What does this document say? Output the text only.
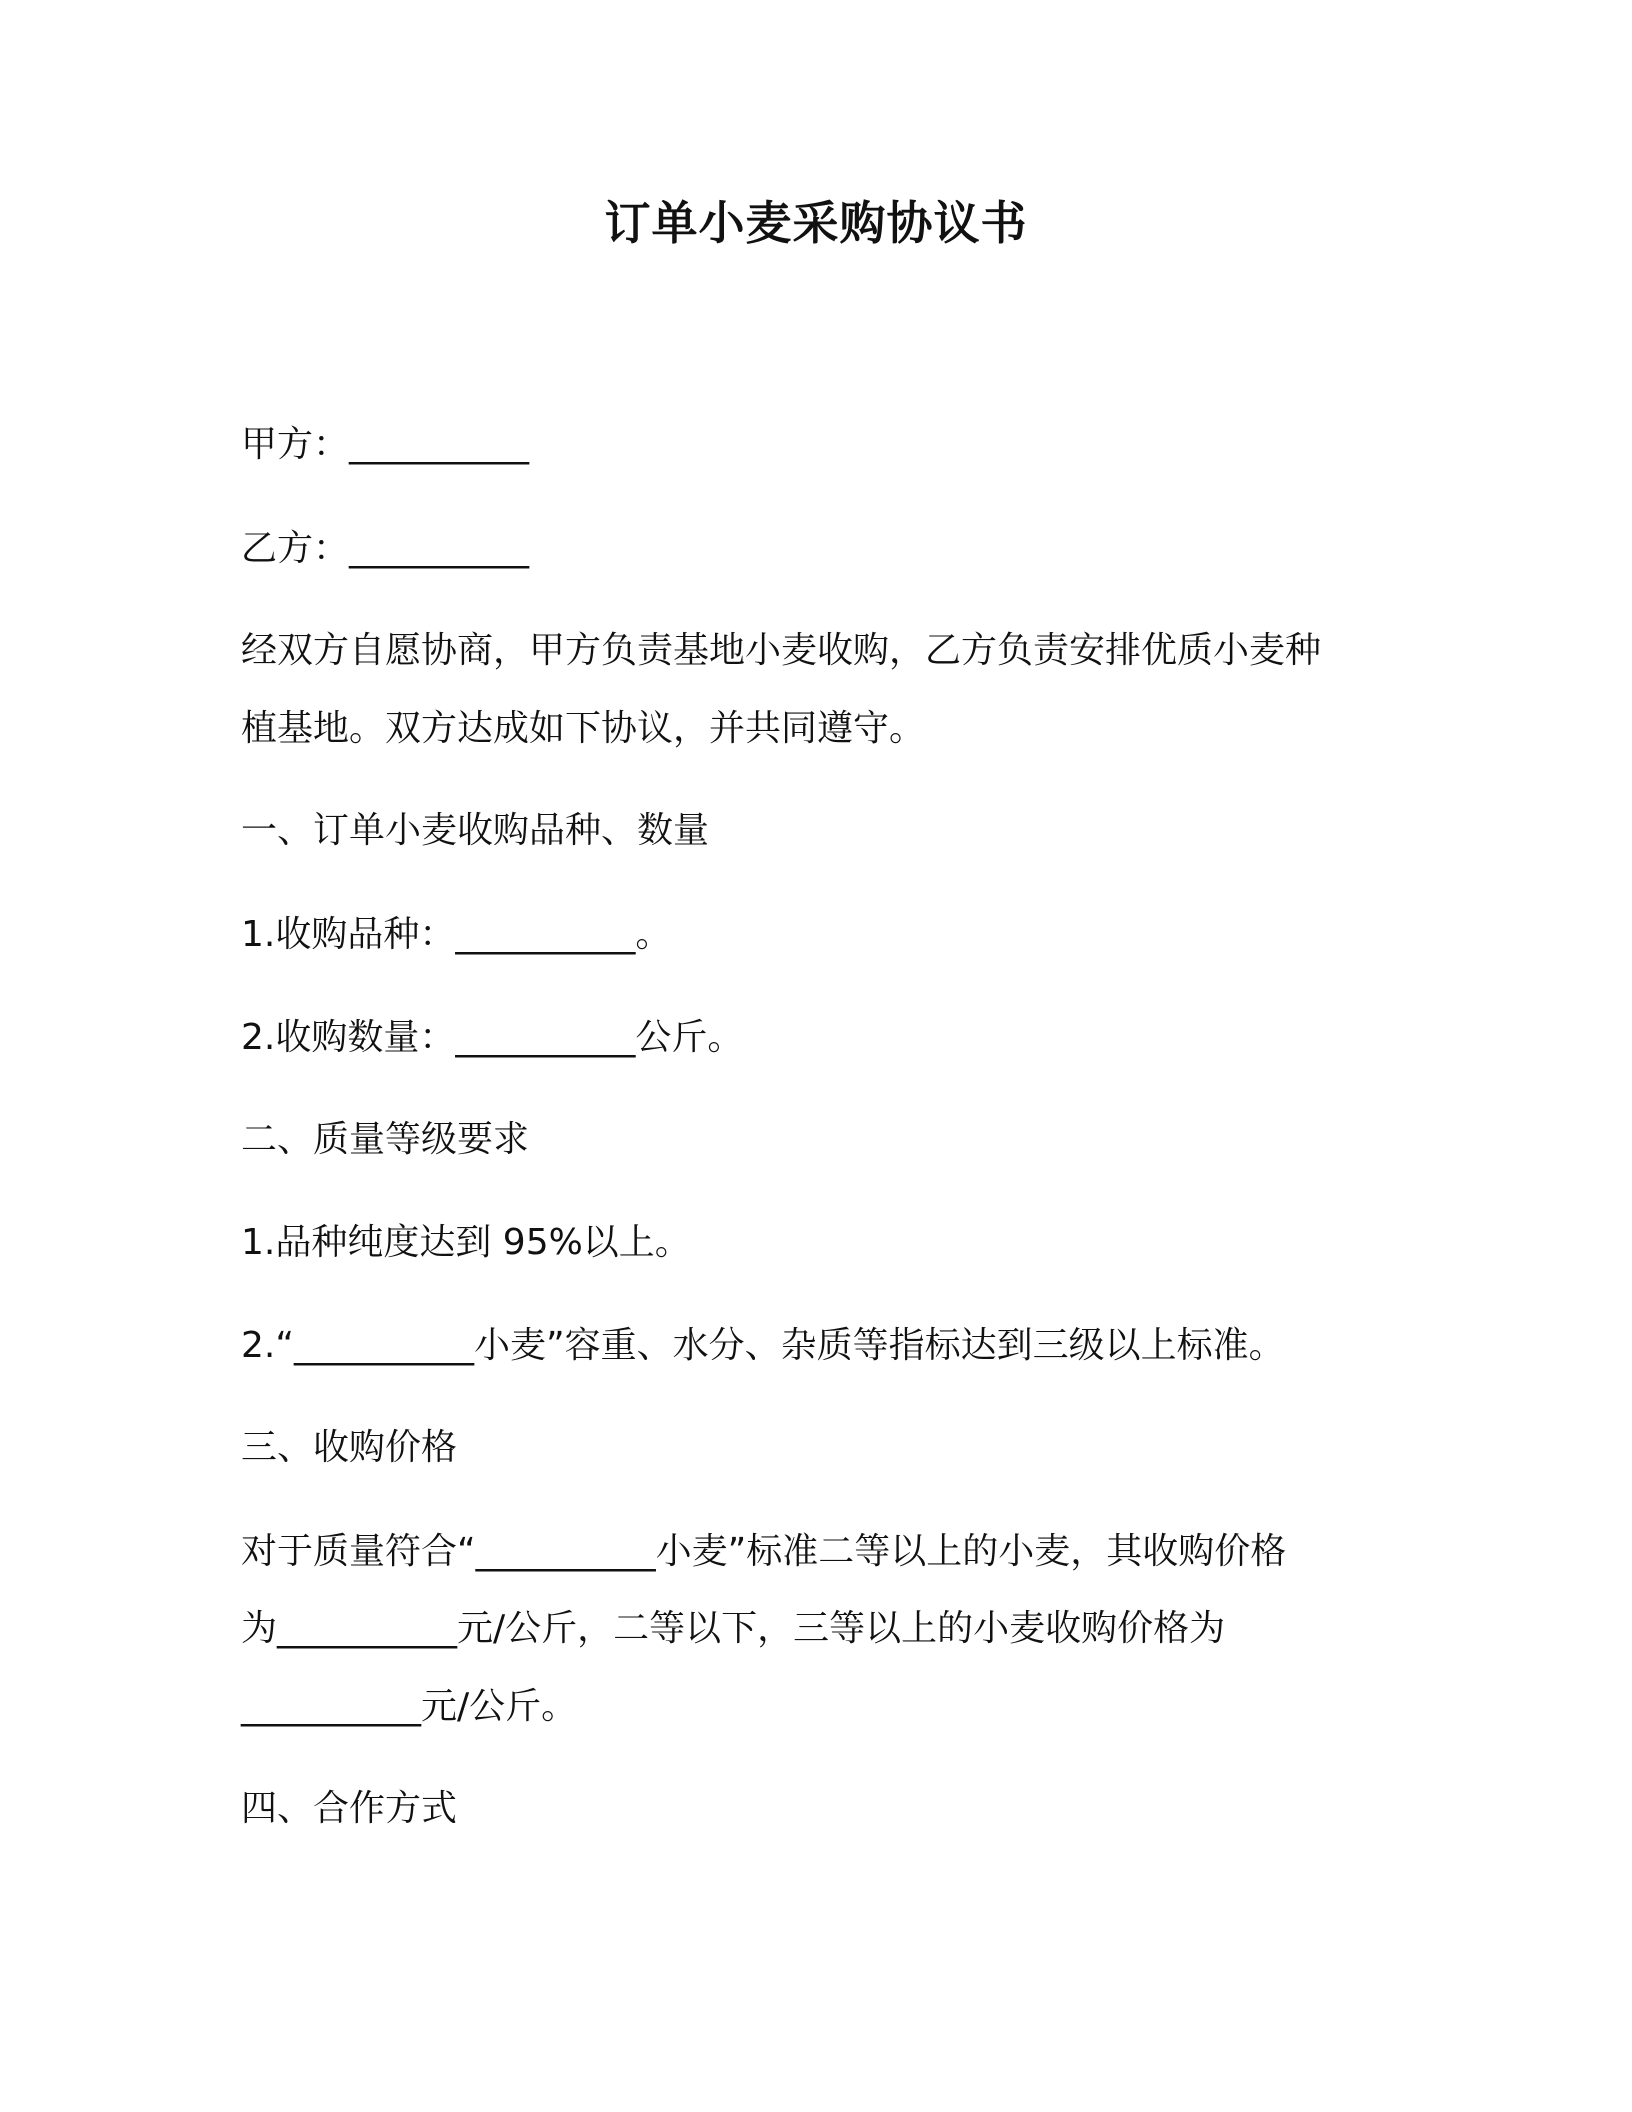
订单小麦采购协议书
甲方：__________
乙方：__________
经双方自愿协商，甲方负责基地小麦收购，乙方负责安排优质小麦种
植基地。双方达成如下协议，并共同遵守。
一、订单小麦收购品种、数量
1.收购品种：__________。
2.收购数量：__________公斤。
二、质量等级要求
1.品种纯度达到 95%以上。
2.“__________小麦”容重、水分、杂质等指标达到三级以上标准。
三、收购价格
对于质量符合“__________小麦”标准二等以上的小麦，其收购价格
为__________元/公斤，二等以下，三等以上的小麦收购价格为
__________元/公斤。
四、合作方式
